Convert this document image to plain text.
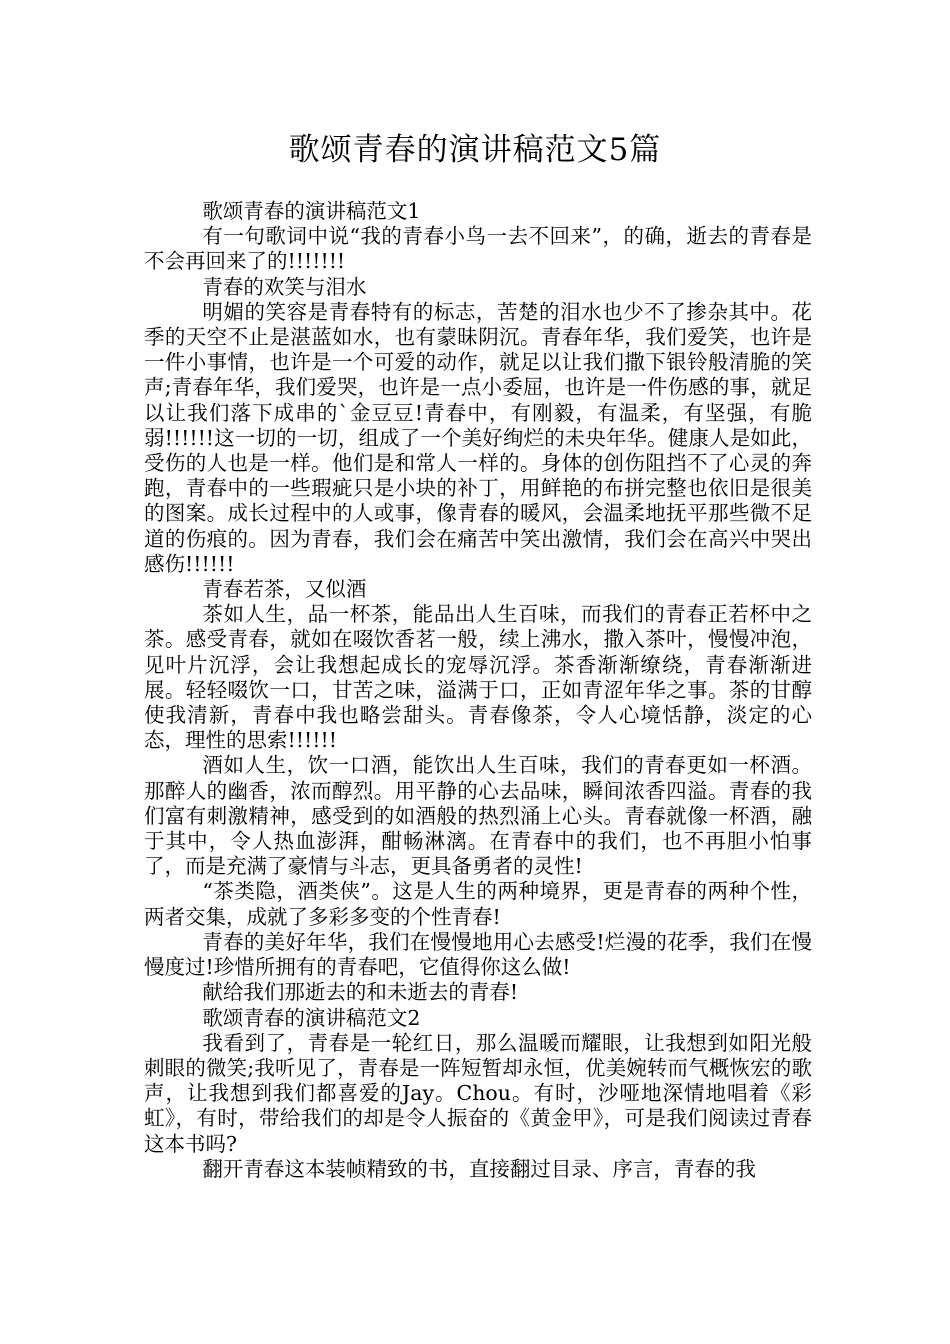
歌颂青春的演讲稿范文5篇

歌颂青春的演讲稿范文1

有一句歌词中说“我的青春小鸟一去不回来”，的确，逝去的青春是不会再回来了的!!!!!!!

青春的欢笑与泪水

明媚的笑容是青春特有的标志，苦楚的泪水也少不了掺杂其中。花季的天空不止是湛蓝如水，也有蒙昧阴沉。青春年华，我们爱笑，也许是一件小事情，也许是一个可爱的动作，就足以让我们撒下银铃般清脆的笑声;青春年华，我们爱哭，也许是一点小委屈，也许是一件伤感的事，就足以让我们落下成串的`金豆豆!青春中，有刚毅，有温柔，有坚强，有脆弱!!!!!!这一切的一切，组成了一个美好绚烂的未央年华。健康人是如此，受伤的人也是一样。他们是和常人一样的。身体的创伤阻挡不了心灵的奔跑，青春中的一些瑕疵只是小块的补丁，用鲜艳的布拼完整也依旧是很美的图案。成长过程中的人或事，像青春的暖风，会温柔地抚平那些微不足道的伤痕的。因为青春，我们会在痛苦中笑出激情，我们会在高兴中哭出感伤!!!!!!

青春若茶，又似酒

茶如人生，品一杯茶，能品出人生百味，而我们的青春正若杯中之茶。感受青春，就如在啜饮香茗一般，续上沸水，撒入茶叶，慢慢冲泡，见叶片沉浮，会让我想起成长的宠辱沉浮。茶香渐渐缭绕，青春渐渐进展。轻轻啜饮一口，甘苦之味，溢满于口，正如青涩年华之事。茶的甘醇使我清新，青春中我也略尝甜头。青春像茶，令人心境恬静，淡定的心态，理性的思索!!!!!!

酒如人生，饮一口酒，能饮出人生百味，我们的青春更如一杯酒。那醉人的幽香，浓而醇烈。用平静的心去品味，瞬间浓香四溢。青春的我们富有刺激精神，感受到的如酒般的热烈涌上心头。青春就像一杯酒，融于其中，令人热血澎湃，酣畅淋漓。在青春中的我们，也不再胆小怕事了，而是充满了豪情与斗志，更具备勇者的灵性!

“茶类隐，酒类侠”。这是人生的两种境界，更是青春的两种个性，两者交集，成就了多彩多变的个性青春!

青春的美好年华，我们在慢慢地用心去感受!烂漫的花季，我们在慢慢度过!珍惜所拥有的青春吧，它值得你这么做!

献给我们那逝去的和未逝去的青春!

歌颂青春的演讲稿范文2

我看到了，青春是一轮红日，那么温暖而耀眼，让我想到如阳光般刺眼的微笑;我听见了，青春是一阵短暂却永恒，优美婉转而气概恢宏的歌声，让我想到我们都喜爱的Jay。Chou。有时，沙哑地深情地唱着《彩虹》，有时，带给我们的却是令人振奋的《黄金甲》，可是我们阅读过青春这本书吗?

翻开青春这本装帧精致的书，直接翻过目录、序言，青春的我
